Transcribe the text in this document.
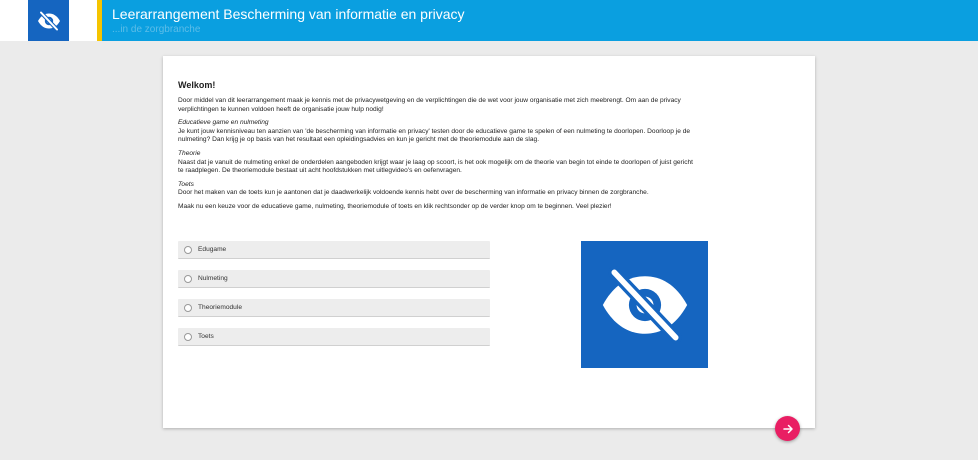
Leerarrangement Bescherming van informatie en privacy
...in de zorgbranche
Welkom!

Door middel van dit leerarrangement maak je kennis met de privacywetgeving en de verplichtingen die de wet voor jouw organisatie met zich meebrengt. Om aan de privacy verplichtingen te kunnen voldoen heeft de organisatie jouw hulp nodig!

Educatieve game en nulmeting
Je kunt jouw kennisniveau ten aanzien van 'de bescherming van informatie en privacy' testen door de educatieve game te spelen of een nulmeting te doorlopen. Doorloop je de nulmeting? Dan krijg je op basis van het resultaat een opleidingsadvies en kun je gericht met de theoriemodule aan de slag.

Theorie
Naast dat je vanuit de nulmeting enkel de onderdelen aangeboden krijgt waar je laag op scoort, is het ook mogelijk om de theorie van begin tot einde te doorlopen of juist gericht te raadplegen. De theoriemodule bestaat uit acht hoofdstukken met uitlegvideo's en oefenvragen.

Toets
Door het maken van de toets kun je aantonen dat je daadwerkelijk voldoende kennis hebt over de bescherming van informatie en privacy binnen de zorgbranche.

Maak nu een keuze voor de educatieve game, nulmeting, theoriemodule of toets en klik rechtsonder op de verder knop om te beginnen. Veel plezier!

Edugame
Nulmeting
Theoriemodule
Toets
